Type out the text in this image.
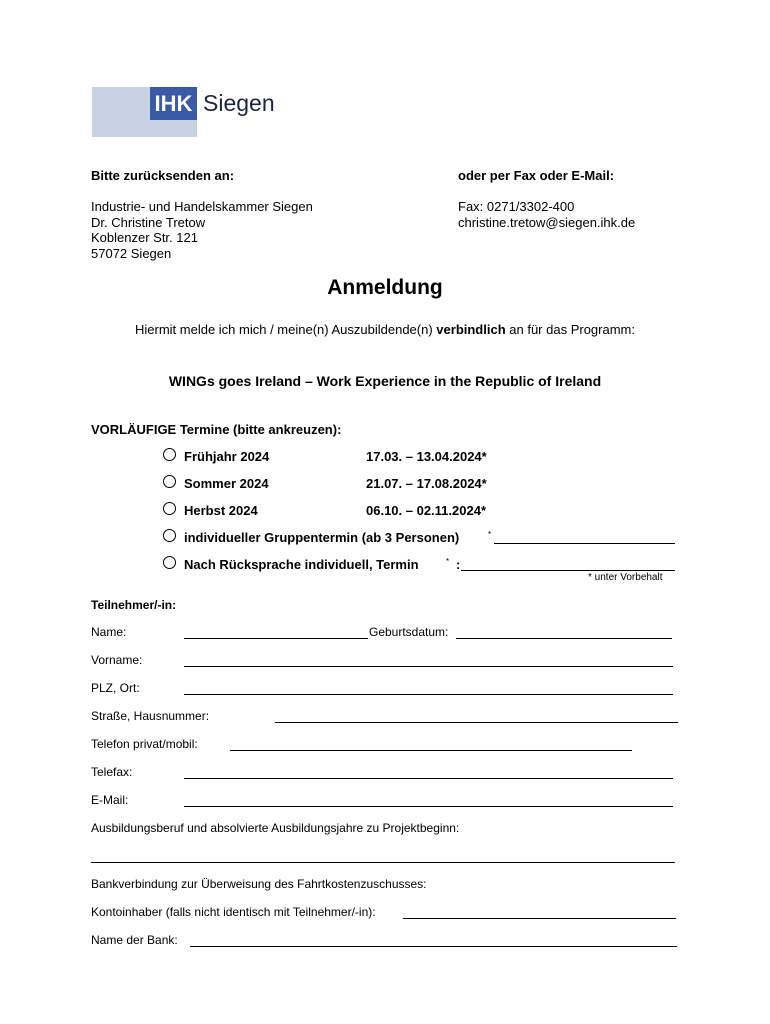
IHK Siegen
Bitte zurücksenden an:	oder per Fax oder E-Mail:
Industrie- und Handelskammer Siegen
Dr. Christine Tretow
Koblenzer Str. 121
57072 Siegen
Fax: 0271/3302-400
christine.tretow@siegen.ihk.de
Anmeldung
Hiermit melde ich mich / meine(n) Auszubildende(n) verbindlich an für das Programm:
WINGs goes Ireland – Work Experience in the Republic of Ireland
VORLÄUFIGE Termine (bitte ankreuzen):
Frühjahr 2024	17.03. – 13.04.2024*
Sommer 2024	21.07. – 17.08.2024*
Herbst 2024	06.10. – 02.11.2024*
individueller Gruppentermin (ab 3 Personen)	*
Nach Rücksprache individuell, Termin	* :
* unter Vorbehalt
Teilnehmer/-in:
Name:	Geburtsdatum:
Vorname:
PLZ, Ort:
Straße, Hausnummer:
Telefon privat/mobil:
Telefax:
E-Mail:
Ausbildungsberuf und absolvierte Ausbildungsjahre zu Projektbeginn:
Bankverbindung zur Überweisung des Fahrtkostenzuschusses:
Kontoinhaber (falls nicht identisch mit Teilnehmer/-in):
Name der Bank:
